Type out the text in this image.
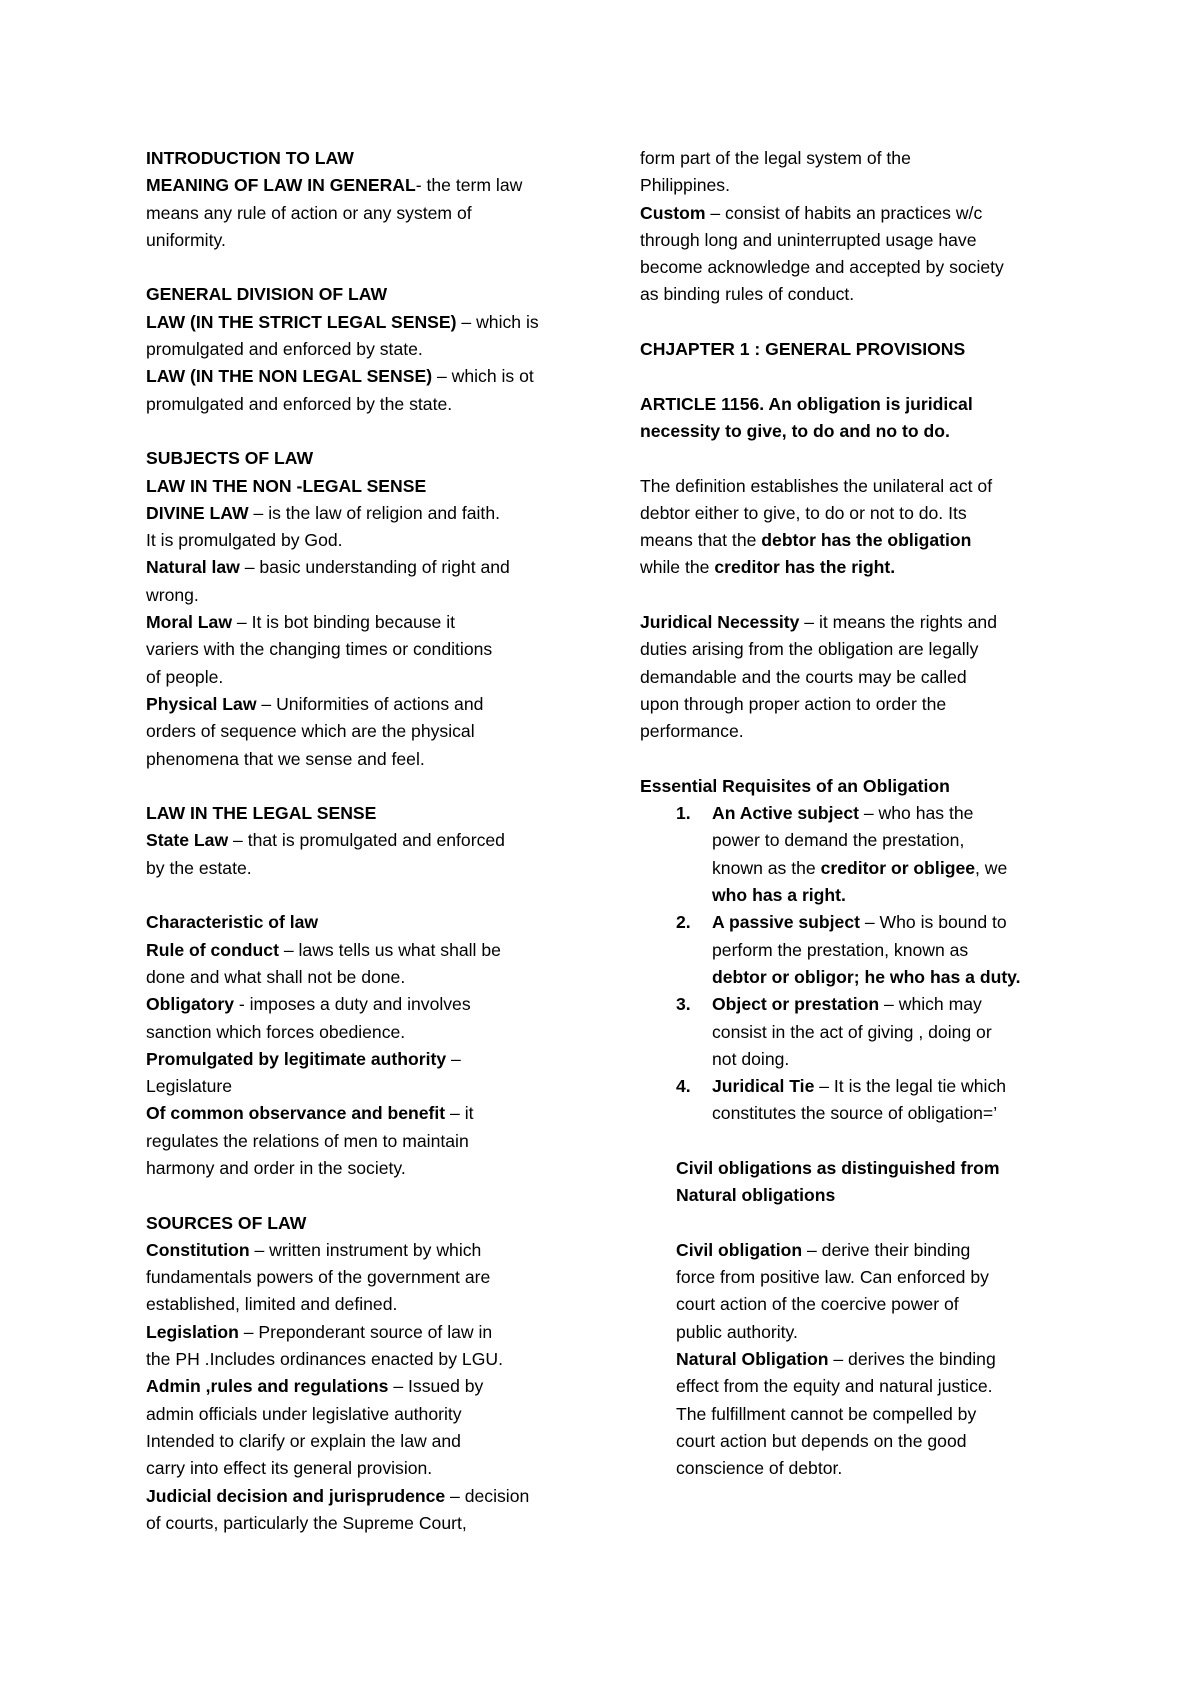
INTRODUCTION TO LAW
MEANING OF LAW IN GENERAL- the term law
means any rule of action or any system of
uniformity.
GENERAL DIVISION OF LAW
LAW (IN THE STRICT LEGAL SENSE) – which is
promulgated and enforced by state.
LAW (IN THE NON LEGAL SENSE) – which is ot
promulgated and enforced by the state.
SUBJECTS OF LAW
LAW IN THE NON -LEGAL SENSE
DIVINE LAW – is the law of religion and faith.
It is promulgated by God.
Natural law – basic understanding of right and
wrong.
Moral Law – It is bot binding because it
variers with the changing times or conditions
of people.
Physical Law – Uniformities of actions and
orders of sequence which are the physical
phenomena that we sense and feel.
LAW IN THE LEGAL SENSE
State Law – that is promulgated and enforced
by the estate.
Characteristic of law
Rule of conduct – laws tells us what shall be
done and what shall not be done.
Obligatory - imposes a duty and involves
sanction which forces obedience.
Promulgated by legitimate authority –
Legislature
Of common observance and benefit – it
regulates the relations of men to maintain
harmony and order in the society.
SOURCES OF LAW
Constitution – written instrument by which
fundamentals powers of the government are
established, limited and defined.
Legislation – Preponderant source of law in
the PH .Includes ordinances enacted by LGU.
Admin ,rules and regulations – Issued by
admin officials under legislative authority
Intended to clarify or explain the law and
carry into effect its general provision.
Judicial decision and jurisprudence – decision
of courts, particularly the Supreme Court,
form part of the legal system of the
Philippines.
Custom – consist of habits an practices w/c
through long and uninterrupted usage have
become acknowledge and accepted by society
as binding rules of conduct.
CHJAPTER 1 : GENERAL PROVISIONS
ARTICLE 1156. An obligation is juridical
necessity to give, to do and no to do.
The definition establishes the unilateral act of
debtor either to give, to do or not to do. Its
means that the debtor has the obligation
while the creditor has the right.
Juridical Necessity – it means the rights and
duties arising from the obligation are legally
demandable and the courts may be called
upon through proper action to order the
performance.
Essential Requisites of an Obligation
1. An Active subject – who has the
power to demand the prestation,
known as the creditor or obligee, we
who has a right.
2. A passive subject – Who is bound to
perform the prestation, known as
debtor or obligor; he who has a duty.
3. Object or prestation – which may
consist in the act of giving , doing or
not doing.
4. Juridical Tie – It is the legal tie which
constitutes the source of obligation=’
Civil obligations as distinguished from
Natural obligations
Civil obligation – derive their binding
force from positive law. Can enforced by
court action of the coercive power of
public authority.
Natural Obligation – derives the binding
effect from the equity and natural justice.
The fulfillment cannot be compelled by
court action but depends on the good
conscience of debtor.
